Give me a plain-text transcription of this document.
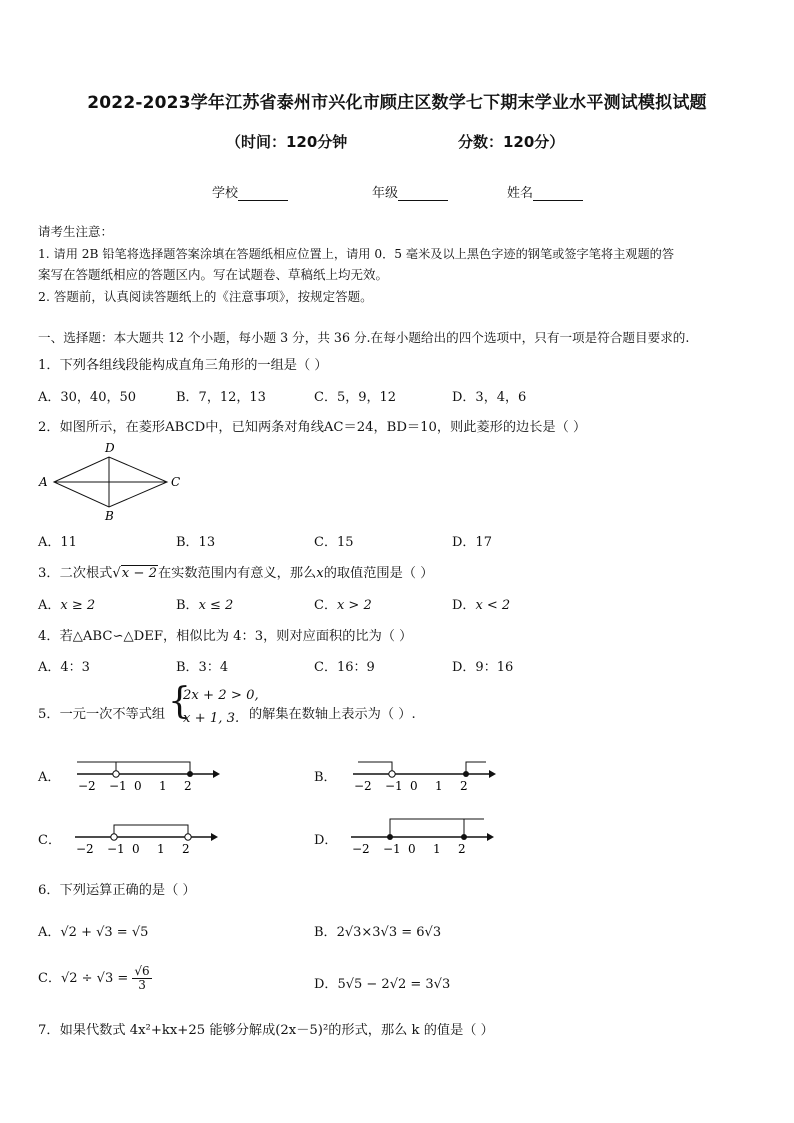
2022-2023学年江苏省泰州市兴化市顾庄区数学七下期末学业水平测试模拟试题
（时间：120分钟	分数：120分）
学校	年级	姓名
请考生注意：
1. 请用 2B 铅笔将选择题答案涂填在答题纸相应位置上，请用 0．5 毫米及以上黑色字迹的钢笔或签字笔将主观题的答
案写在答题纸相应的答题区内。写在试题卷、草稿纸上均无效。
2. 答题前，认真阅读答题纸上的《注意事项》，按规定答题。
一、选择题：本大题共 12 个小题，每小题 3 分，共 36 分.在每小题给出的四个选项中，只有一项是符合题目要求的.
1．下列各组线段能构成直角三角形的一组是（ ）
A．30，40，50	B．7，12，13	C．5，9，12	D．3，4，6
2．如图所示，在菱形ABCD中，已知两条对角线AC＝24，BD＝10，则此菱形的边长是（ ）
A
D
C
B
A．11	B．13	C．15	D．17
3．二次根式√x − 2在实数范围内有意义，那么x的取值范围是（ ）
A．x ≥ 2	B．x ≤ 2	C．x > 2	D．x < 2
4．若△ABC∽△DEF，相似比为 4：3，则对应面积的比为（ ）
A．4：3	B．3：4	C．16：9	D．9：16
5．一元一次不等式组 {
2x + 2 > 0,
x + 1, 3. 的解集在数轴上表示为（ ）.
A．
−2 −1 0 1 2
B．
−2 −1 0 1 2
C．
−2 −1 0 1 2
D．
−2 −1 0 1 2
6．下列运算正确的是（ ）
A．√2 + √3 = √5	B．2√3×3√3 = 6√3
C．$√2 \div √3 = \frac{√6}{3}$	D．5√5 − 2√2 = 3√3
7．如果代数式 4x²+kx+25 能够分解成(2x－5)²的形式，那么 k 的值是（ ）
